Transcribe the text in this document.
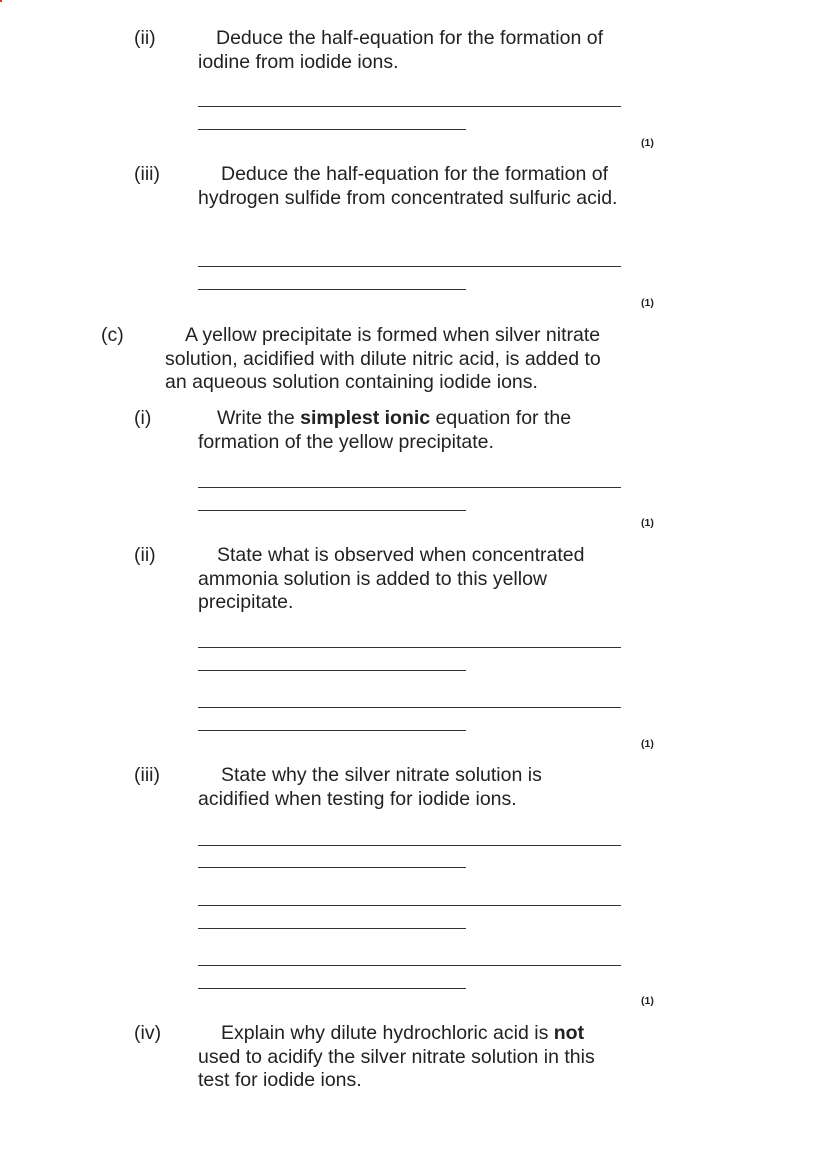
(ii)	Deduce the half-equation for the formation of iodine from iodide ions.

(1)

(iii)	Deduce the half-equation for the formation of hydrogen sulfide from concentrated sulfuric acid.

(1)

(c)	A yellow precipitate is formed when silver nitrate solution, acidified with dilute nitric acid, is added to an aqueous solution containing iodide ions.

(i)	Write the simplest ionic equation for the formation of the yellow precipitate.

(1)

(ii)	State what is observed when concentrated ammonia solution is added to this yellow precipitate.

(1)

(iii)	State why the silver nitrate solution is acidified when testing for iodide ions.

(1)

(iv)	Explain why dilute hydrochloric acid is not used to acidify the silver nitrate solution in this test for iodide ions.
